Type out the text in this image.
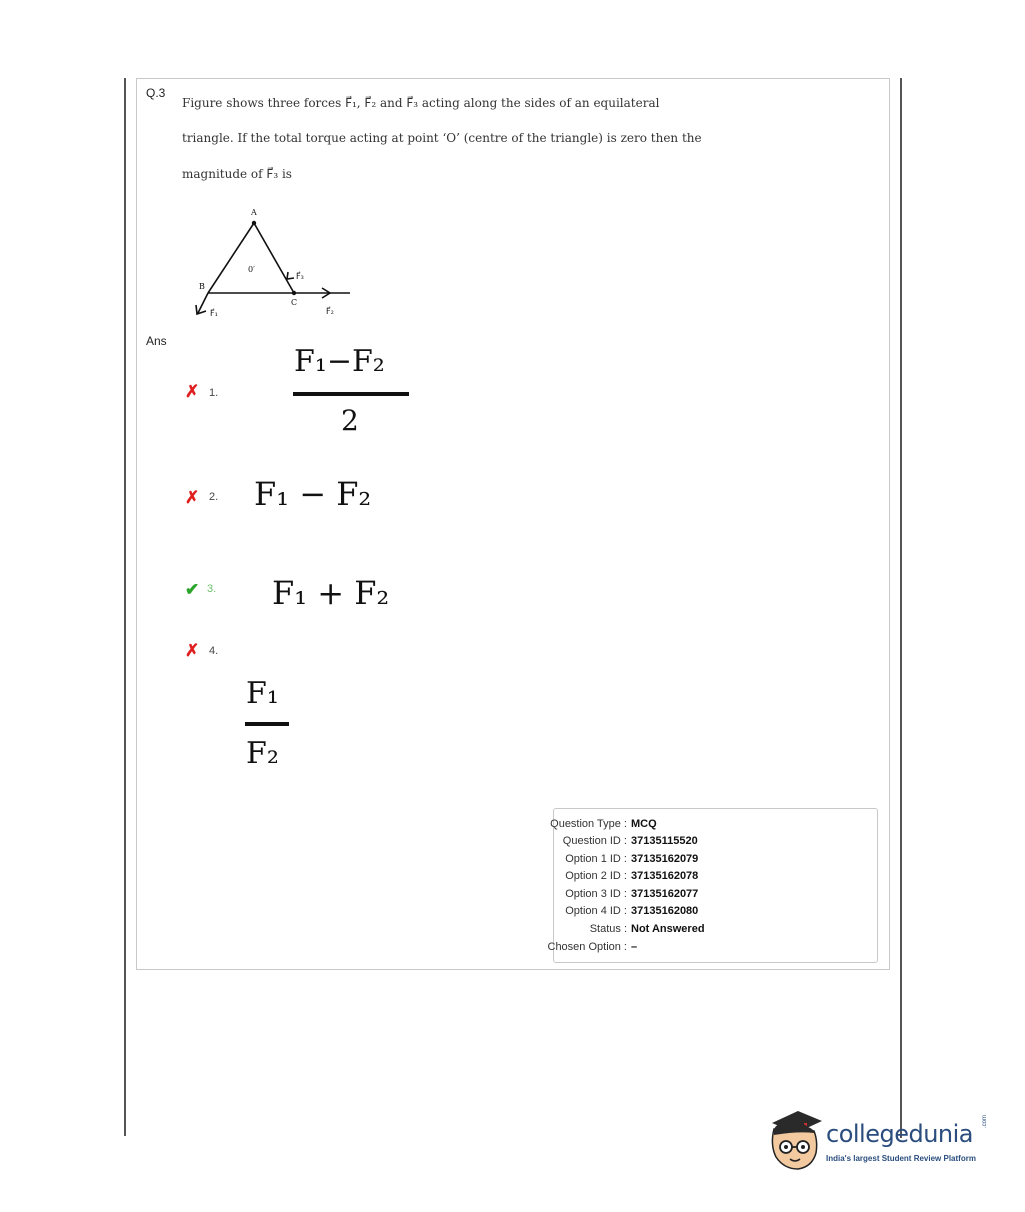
Q.3
Figure shows three forces F⃗₁, F⃗₂ and F⃗₃ acting along the sides of an equilateral
triangle. If the total torque acting at point ‘O’ (centre of the triangle) is zero then the
magnitude of F⃗₃ is
A
B
C
0′
F⃗₁	F⃗₂
F⃗₃
Ans
✗ 1.
F₁−F₂
2
✗ 2. F₁ − F₂
✔ 3. F₁ + F₂
✗ 4.
F₁
F₂
Question Type : MCQ
Question ID : 37135115520
Option 1 ID : 37135162079
Option 2 ID : 37135162078
Option 3 ID : 37135162077
Option 4 ID : 37135162080
Status : Not Answered
Chosen Option : –
collegedunia .com
India's largest Student Review Platform
